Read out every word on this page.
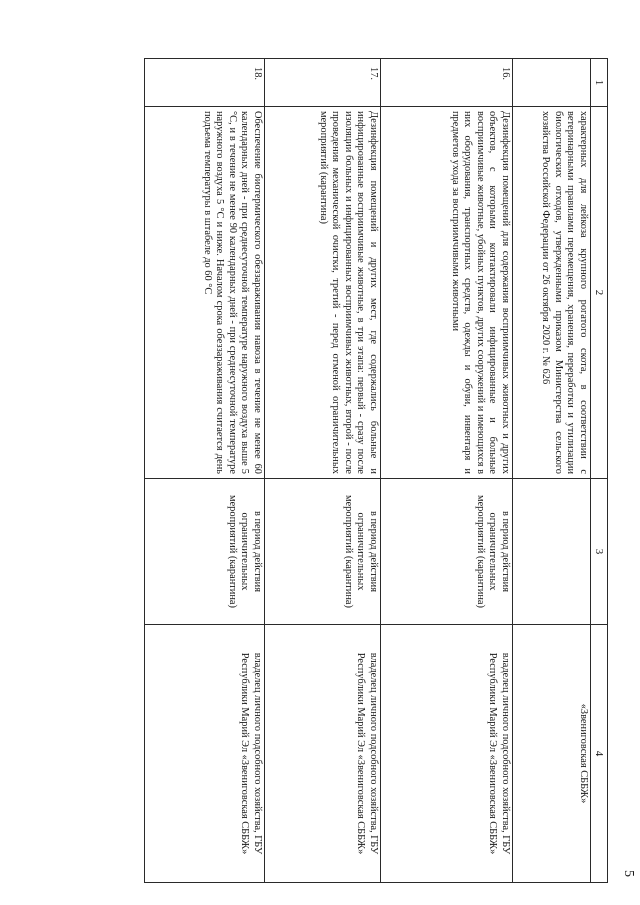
5
1	2	3	4
	характерных для лейкоза крупного рогатого скота, в соответствии с ветеринарными правилами перемещения, хранения, переработки и утилизации биологических отходов, утвержденными приказом Министерства сельского хозяйства Российской Федерации от 26 октября 2020 г. № 626		«Звениговская СББЖ»
16.	Дезинфекция помещений для содержания восприимчивых животных и других объектов, с которыми контактировали инфицированные и больные восприимчивые животные, убойных пунктов, других сооружений и имеющихся в них оборудования, транспортных средств, одежды и обуви, инвентаря и предметов ухода за восприимчивыми животными	в период действия ограничительных мероприятий (карантина)	владелец личного подсобного хозяйства, ГБУ Республики Марий Эл «Звениговская СББЖ»
17.	Дезинфекция помещений и других мест, где содержались больные и инфицированные восприимчивые животные, в три этапа: первый - сразу после изоляции больных и инфицированных восприимчивых животных, второй - после проведения механической очистки, третий - перед отменой ограничительных мероприятий (карантина)	в период действия ограничительных мероприятий (карантина)	владелец личного подсобного хозяйства, ГБУ Республики Марий Эл «Звениговская СББЖ»
18.	Обеспечение биотермического обеззараживания навоза в течение не менее 60 календарных дней - при среднесуточной температуре наружного воздуха выше 5 °С, и в течение не менее 90 календарных дней - при среднесуточной температуре наружного воздуха 5 °С и ниже. Началом срока обеззараживания считается день подъема температуры в штабеле до 60 °С	в период действия ограничительных мероприятий (карантина)	владелец личного подсобного хозяйства, ГБУ Республики Марий Эл «Звениговская СББЖ»
